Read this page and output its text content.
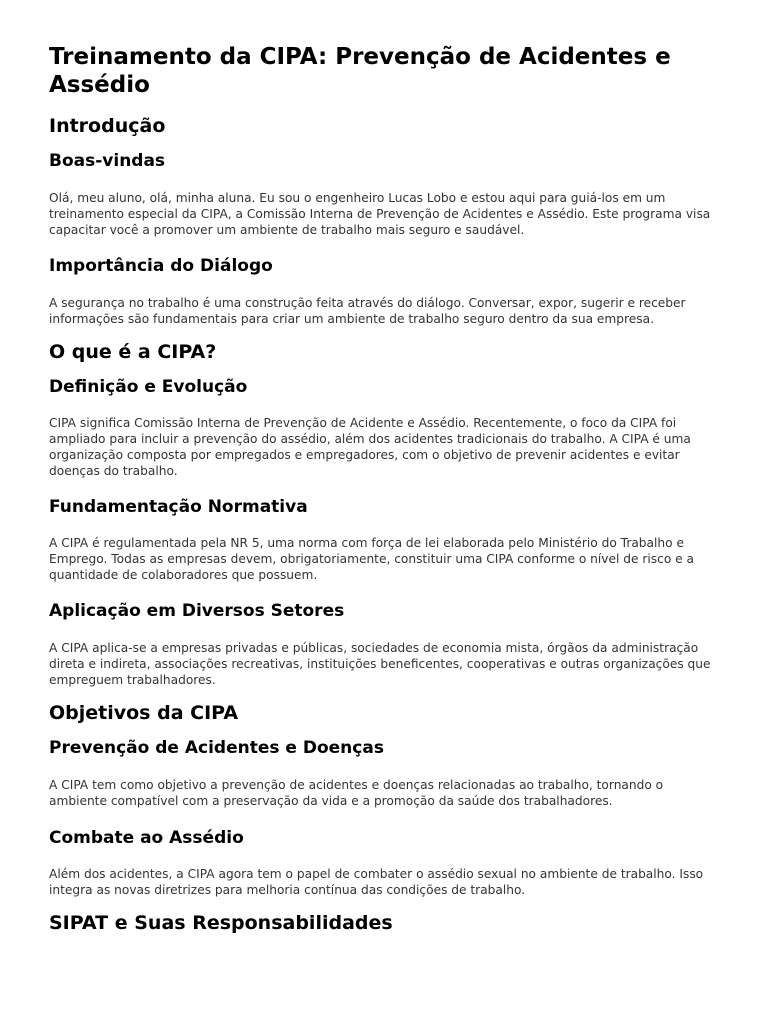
Treinamento da CIPA: Prevenção de Acidentes e Assédio
Introdução
Boas-vindas

Olá, meu aluno, olá, minha aluna. Eu sou o engenheiro Lucas Lobo e estou aqui para guiá-los em um treinamento especial da CIPA, a Comissão Interna de Prevenção de Acidentes e Assédio. Este programa visa capacitar você a promover um ambiente de trabalho mais seguro e saudável.

Importância do Diálogo

A segurança no trabalho é uma construção feita através do diálogo. Conversar, expor, sugerir e receber informações são fundamentais para criar um ambiente de trabalho seguro dentro da sua empresa.

O que é a CIPA?
Definição e Evolução

CIPA significa Comissão Interna de Prevenção de Acidente e Assédio. Recentemente, o foco da CIPA foi ampliado para incluir a prevenção do assédio, além dos acidentes tradicionais do trabalho. A CIPA é uma organização composta por empregados e empregadores, com o objetivo de prevenir acidentes e evitar doenças do trabalho.

Fundamentação Normativa

A CIPA é regulamentada pela NR 5, uma norma com força de lei elaborada pelo Ministério do Trabalho e Emprego. Todas as empresas devem, obrigatoriamente, constituir uma CIPA conforme o nível de risco e a quantidade de colaboradores que possuem.

Aplicação em Diversos Setores

A CIPA aplica-se a empresas privadas e públicas, sociedades de economia mista, órgãos da administração direta e indireta, associações recreativas, instituições beneficentes, cooperativas e outras organizações que empreguem trabalhadores.

Objetivos da CIPA
Prevenção de Acidentes e Doenças

A CIPA tem como objetivo a prevenção de acidentes e doenças relacionadas ao trabalho, tornando o ambiente compatível com a preservação da vida e a promoção da saúde dos trabalhadores.

Combate ao Assédio

Além dos acidentes, a CIPA agora tem o papel de combater o assédio sexual no ambiente de trabalho. Isso integra as novas diretrizes para melhoria contínua das condições de trabalho.

SIPAT e Suas Responsabilidades
